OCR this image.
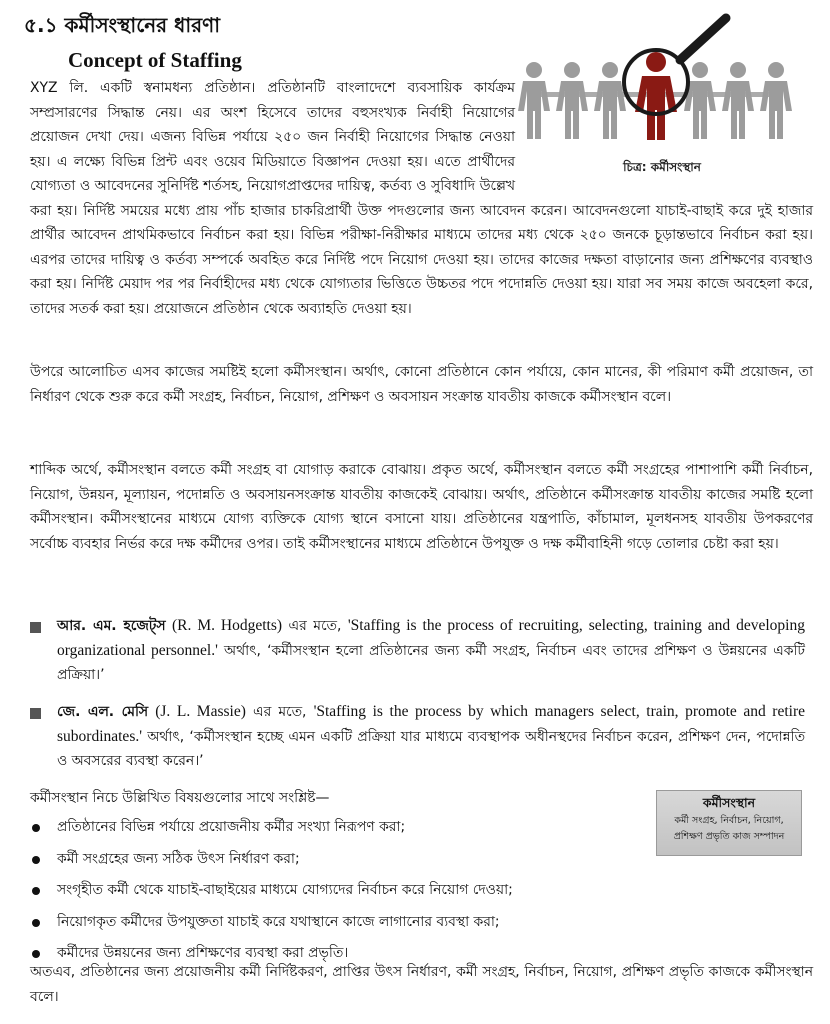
৫.১ কর্মীসংস্থানের ধারণা
Concept of Staffing
চিত্র: কর্মীসংস্থান

XYZ লি. একটি স্বনামধন্য প্রতিষ্ঠান। প্রতিষ্ঠানটি বাংলাদেশে ব্যবসায়িক কার্যক্রম সম্প্রসারণের সিদ্ধান্ত নেয়। এর অংশ হিসেবে তাদের বহুসংখ্যক নির্বাহী নিয়োগের প্রয়োজন দেখা দেয়। এজন্য বিভিন্ন পর্যায়ে ২৫০ জন নির্বাহী নিয়োগের সিদ্ধান্ত নেওয়া হয়। এ লক্ষ্যে বিভিন্ন প্রিন্ট এবং ওয়েব মিডিয়াতে বিজ্ঞাপন দেওয়া হয়। এতে প্রার্থীদের যোগ্যতা ও আবেদনের সুনির্দিষ্ট শর্তসহ, নিয়োগপ্রাপ্তদের দায়িত্ব, কর্তব্য ও সুবিধাদি উল্লেখ করা হয়। নির্দিষ্ট সময়ের মধ্যে প্রায় পাঁচ হাজার চাকরিপ্রার্থী উক্ত পদগুলোর জন্য আবেদন করেন। আবেদনগুলো যাচাই-বাছাই করে দুই হাজার প্রার্থীর আবেদন প্রাথমিকভাবে নির্বাচন করা হয়। বিভিন্ন পরীক্ষা-নিরীক্ষার মাধ্যমে তাদের মধ্য থেকে ২৫০ জনকে চূড়ান্তভাবে নির্বাচন করা হয়। এরপর তাদের দায়িত্ব ও কর্তব্য সম্পর্কে অবহিত করে নির্দিষ্ট পদে নিয়োগ দেওয়া হয়। তাদের কাজের দক্ষতা বাড়ানোর জন্য প্রশিক্ষণের ব্যবস্থাও করা হয়। নির্দিষ্ট মেয়াদ পর পর নির্বাহীদের মধ্য থেকে যোগ্যতার ভিত্তিতে উচ্চতর পদে পদোন্নতি দেওয়া হয়। যারা সব সময় কাজে অবহেলা করে, তাদের সতর্ক করা হয়। প্রয়োজনে প্রতিষ্ঠান থেকে অব্যাহতি দেওয়া হয়।

উপরে আলোচিত এসব কাজের সমষ্টিই হলো কর্মীসংস্থান। অর্থাৎ, কোনো প্রতিষ্ঠানে কোন পর্যায়ে, কোন মানের, কী পরিমাণ কর্মী প্রয়োজন, তা নির্ধারণ থেকে শুরু করে কর্মী সংগ্রহ, নির্বাচন, নিয়োগ, প্রশিক্ষণ ও অবসায়ন সংক্রান্ত যাবতীয় কাজকে কর্মীসংস্থান বলে।

শাব্দিক অর্থে, কর্মীসংস্থান বলতে কর্মী সংগ্রহ বা যোগাড় করাকে বোঝায়। প্রকৃত অর্থে, কর্মীসংস্থান বলতে কর্মী সংগ্রহের পাশাপাশি কর্মী নির্বাচন, নিয়োগ, উন্নয়ন, মূল্যায়ন, পদোন্নতি ও অবসায়নসংক্রান্ত যাবতীয় কাজকেই বোঝায়। অর্থাৎ, প্রতিষ্ঠানে কর্মীসংক্রান্ত যাবতীয় কাজের সমষ্টি হলো কর্মীসংস্থান। কর্মীসংস্থানের মাধ্যমে যোগ্য ব্যক্তিকে যোগ্য স্থানে বসানো যায়। প্রতিষ্ঠানের যন্ত্রপাতি, কাঁচামাল, মূলধনসহ যাবতীয় উপকরণের সর্বোচ্চ ব্যবহার নির্ভর করে দক্ষ কর্মীদের ওপর। তাই কর্মীসংস্থানের মাধ্যমে প্রতিষ্ঠানে উপযুক্ত ও দক্ষ কর্মীবাহিনী গড়ে তোলার চেষ্টা করা হয়।

আর. এম. হজেট্স (R. M. Hodgetts) এর মতে, 'Staffing is the process of recruiting, selecting, training and developing organizational personnel.' অর্থাৎ, ‘কর্মীসংস্থান হলো প্রতিষ্ঠানের জন্য কর্মী সংগ্রহ, নির্বাচন এবং তাদের প্রশিক্ষণ ও উন্নয়নের একটি প্রক্রিয়া।’

জে. এল. মেসি (J. L. Massie) এর মতে, 'Staffing is the process by which managers select, train, promote and retire subordinates.' অর্থাৎ, ‘কর্মীসংস্থান হচ্ছে এমন একটি প্রক্রিয়া যার মাধ্যমে ব্যবস্থাপক অধীনস্থদের নির্বাচন করেন, প্রশিক্ষণ দেন, পদোন্নতি ও অবসরের ব্যবস্থা করেন।’

কর্মীসংস্থান নিচে উল্লিখিত বিষয়গুলোর সাথে সংশ্লিষ্ট—	কর্মীসংস্থান
কর্মী সংগ্রহ, নির্বাচন, নিয়োগ, প্রশিক্ষণ প্রভৃতি কাজ সম্পাদন
প্রতিষ্ঠানের বিভিন্ন পর্যায়ে প্রয়োজনীয় কর্মীর সংখ্যা নিরূপণ করা;
কর্মী সংগ্রহের জন্য সঠিক উৎস নির্ধারণ করা;
সংগৃহীত কর্মী থেকে যাচাই-বাছাইয়ের মাধ্যমে যোগ্যদের নির্বাচন করে নিয়োগ দেওয়া;
নিয়োগকৃত কর্মীদের উপযুক্ততা যাচাই করে যথাস্থানে কাজে লাগানোর ব্যবস্থা করা;
কর্মীদের উন্নয়নের জন্য প্রশিক্ষণের ব্যবস্থা করা প্রভৃতি।

অতএব, প্রতিষ্ঠানের জন্য প্রয়োজনীয় কর্মী নির্দিষ্টকরণ, প্রাপ্তির উৎস নির্ধারণ, কর্মী সংগ্রহ, নির্বাচন, নিয়োগ, প্রশিক্ষণ প্রভৃতি কাজকে কর্মীসংস্থান বলে।
